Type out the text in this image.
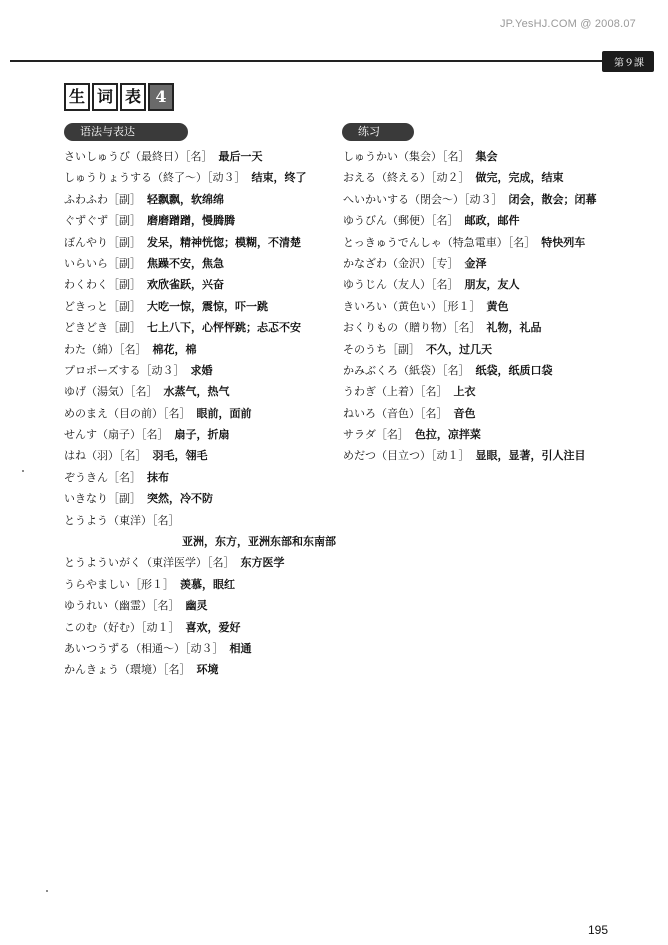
JP.YesHJ.COM @ 2008.07
第９課
生 词 表 4
语法与表达	练习
さいしゅうび（最終日）［名］ 最后一天
しゅうりょうする（終了～）［动３］ 结束，终了
ふわふわ［副］ 轻飘飘，软绵绵
ぐずぐず［副］ 磨磨蹭蹭，慢腾腾
ぼんやり［副］ 发呆，精神恍惚；模糊，不清楚
いらいら［副］ 焦躁不安，焦急
わくわく［副］ 欢欣雀跃，兴奋
どきっと［副］ 大吃一惊，震惊，吓一跳
どきどき［副］ 七上八下，心怦怦跳；忐忑不安
わた（綿）［名］ 棉花，棉
プロポーズする［动３］ 求婚
ゆげ（湯気）［名］ 水蒸气，热气
めのまえ（目の前）［名］ 眼前，面前
せんす（扇子）［名］ 扇子，折扇
はね（羽）［名］ 羽毛，翎毛
ぞうきん［名］ 抹布
いきなり［副］ 突然，冷不防
とうよう（東洋）［名］
亚洲，东方，亚洲东部和东南部
とうよういがく（東洋医学）［名］ 东方医学
うらやましい［形１］ 羡慕，眼红
ゆうれい（幽霊）［名］ 幽灵
このむ（好む）［动１］ 喜欢，爱好
あいつうずる（相通～）［动３］ 相通
かんきょう（環境）［名］ 环境
しゅうかい（集会）［名］ 集会
おえる（終える）［动２］ 做完，完成，结束
へいかいする（閉会～）［动３］ 闭会，散会；闭幕
ゆうびん（郵便）［名］ 邮政，邮件
とっきゅうでんしゃ（特急電車）［名］ 特快列车
かなざわ（金沢）［专］ 金泽
ゆうじん（友人）［名］ 朋友，友人
きいろい（黄色い）［形１］ 黄色
おくりもの（贈り物）［名］ 礼物，礼品
そのうち［副］ 不久，过几天
かみぶくろ（紙袋）［名］ 纸袋，纸质口袋
うわぎ（上着）［名］ 上衣
ねいろ（音色）［名］ 音色
サラダ［名］ 色拉，凉拌菜
めだつ（目立つ）［动１］ 显眼，显著，引人注目
195
